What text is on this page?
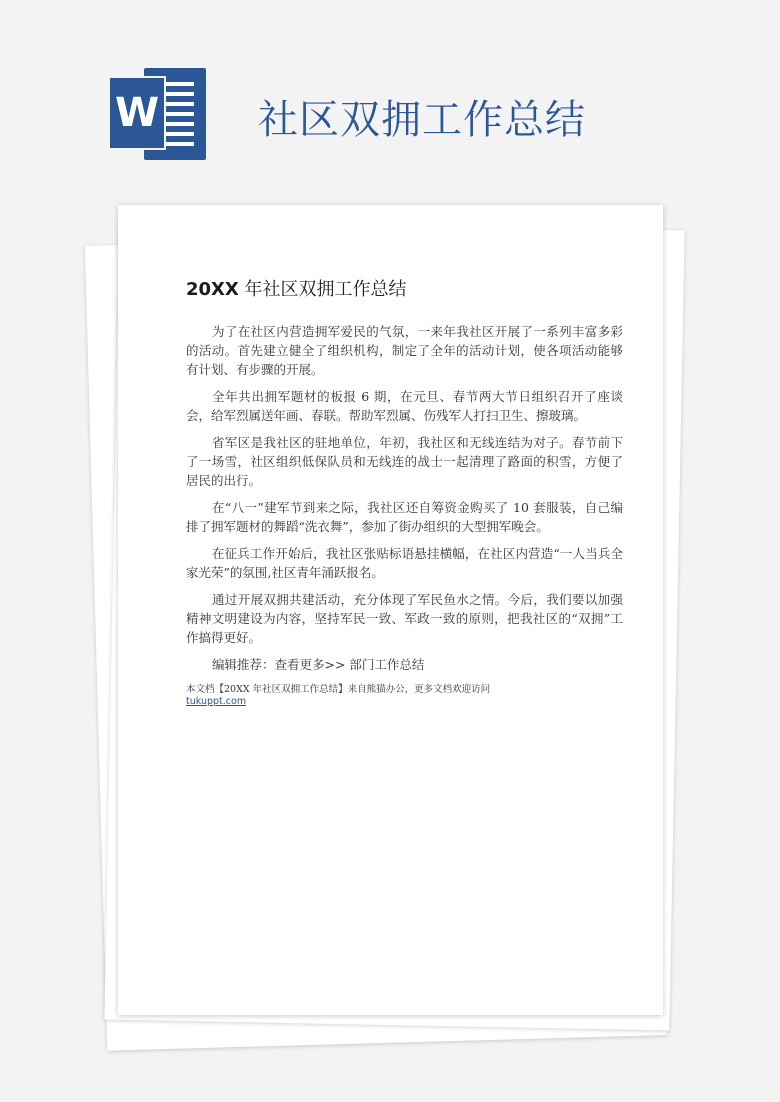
W 社区双拥工作总结
20XX 年社区双拥工作总结

为了在社区内营造拥军爱民的气氛，一来年我社区开展了一系列丰富多彩的活动。首先建立健全了组织机构，制定了全年的活动计划，使各项活动能够有计划、有步骤的开展。

全年共出拥军题材的板报 6 期，在元旦、春节两大节日组织召开了座谈会，给军烈属送年画、春联。帮助军烈属、伤残军人打扫卫生、擦玻璃。

省军区是我社区的驻地单位，年初，我社区和无线连结为对子。春节前下了一场雪，社区组织低保队员和无线连的战士一起清理了路面的积雪，方便了居民的出行。

在“八一”建军节到来之际，我社区还自筹资金购买了 10 套服装，自己编排了拥军题材的舞蹈“洗衣舞”，参加了街办组织的大型拥军晚会。

在征兵工作开始后，我社区张贴标语悬挂横幅，在社区内营造“一人当兵全家光荣”的氛围,社区青年涌跃报名。

通过开展双拥共建活动，充分体现了军民鱼水之情。今后，我们要以加强精神文明建设为内容，坚持军民一致、军政一致的原则，把我社区的“双拥”工作搞得更好。

编辑推荐：查看更多>> 部门工作总结

本文档【20XX 年社区双拥工作总结】来自熊猫办公，更多文档欢迎访问
tukuppt.com
